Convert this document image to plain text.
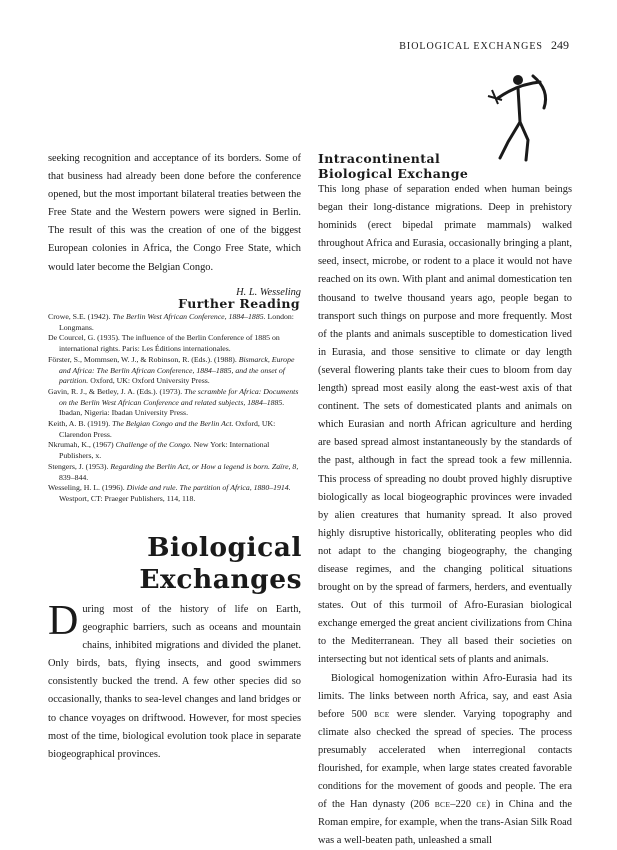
BIOLOGICAL EXCHANGES 249

seeking recognition and acceptance of its borders. Some of that business had already been done before the conference opened, but the most important bilateral treaties between the Free State and the Western powers were signed in Berlin. The result of this was the creation of one of the biggest European colonies in Africa, the Congo Free State, which would later become the Belgian Congo.

H. L. Wesseling
Further Reading

Crowe, S.E. (1942). The Berlin West African Conference, 1884–1885. London: Longmans.

De Courcel, G. (1935). The influence of the Berlin Conference of 1885 on international rights. Paris: Les Éditions internationales.

Förster, S., Mommsen, W. J., & Robinson, R. (Eds.). (1988). Bismarck, Europe and Africa: The Berlin African Conference, 1884–1885, and the onset of partition. Oxford, UK: Oxford University Press.

Gavin, R. J., & Betley, J. A. (Eds.). (1973). The scramble for Africa: Documents on the Berlin West African Conference and related subjects, 1884–1885. Ibadan, Nigeria: Ibadan University Press.

Keith, A. B. (1919). The Belgian Congo and the Berlin Act. Oxford, UK: Clarendon Press.

Nkrumah, K., (1967) Challenge of the Congo. New York: International Publishers, x.

Stengers, J. (1953). Regarding the Berlin Act, or How a legend is born. Zaïre, 8, 839–844.

Wesseling, H. L. (1996). Divide and rule. The partition of Africa, 1880–1914. Westport, CT: Praeger Publishers, 114, 118.

Biological
Exchanges

During most of the history of life on Earth, geographic barriers, such as oceans and mountain chains, inhibited migrations and divided the planet. Only birds, bats, flying insects, and good swimmers consistently bucked the trend. A few other species did so occasionally, thanks to sea-level changes and land bridges or to chance voyages on driftwood. However, for most species most of the time, biological evolution took place in separate biogeographical provinces.

Intracontinental
Biological Exchange

This long phase of separation ended when human beings began their long-distance migrations. Deep in prehistory hominids (erect bipedal primate mammals) walked throughout Africa and Eurasia, occasionally bringing a plant, seed, insect, microbe, or rodent to a place it would not have reached on its own. With plant and animal domestication ten thousand to twelve thousand years ago, people began to transport such things on purpose and more frequently. Most of the plants and animals susceptible to domestication lived in Eurasia, and those sensitive to climate or day length (several flowering plants take their cues to bloom from day length) spread most easily along the east-west axis of that continent. The sets of domesticated plants and animals on which Eurasian and north African agriculture and herding are based spread almost instantaneously by the standards of the past, although in fact the spread took a few millennia. This process of spreading no doubt proved highly disruptive biologically as local biogeographic provinces were invaded by alien creatures that humanity spread. It also proved highly disruptive historically, obliterating peoples who did not adapt to the changing biogeography, the changing disease regimes, and the changing political situations brought on by the spread of farmers, herders, and eventually states. Out of this turmoil of Afro-Eurasian biological exchange emerged the great ancient civilizations from China to the Mediterranean. They all based their societies on intersecting but not identical sets of plants and animals.

Biological homogenization within Afro-Eurasia had its limits. The links between north Africa, say, and east Asia before 500 BCE were slender. Varying topography and climate also checked the spread of species. The process presumably accelerated when interregional contacts flourished, for example, when large states created favorable conditions for the movement of goods and people. The era of the Han dynasty (206 BCE–220 CE) in China and the Roman empire, for example, when the trans-Asian Silk Road was a well-beaten path, unleashed a small
